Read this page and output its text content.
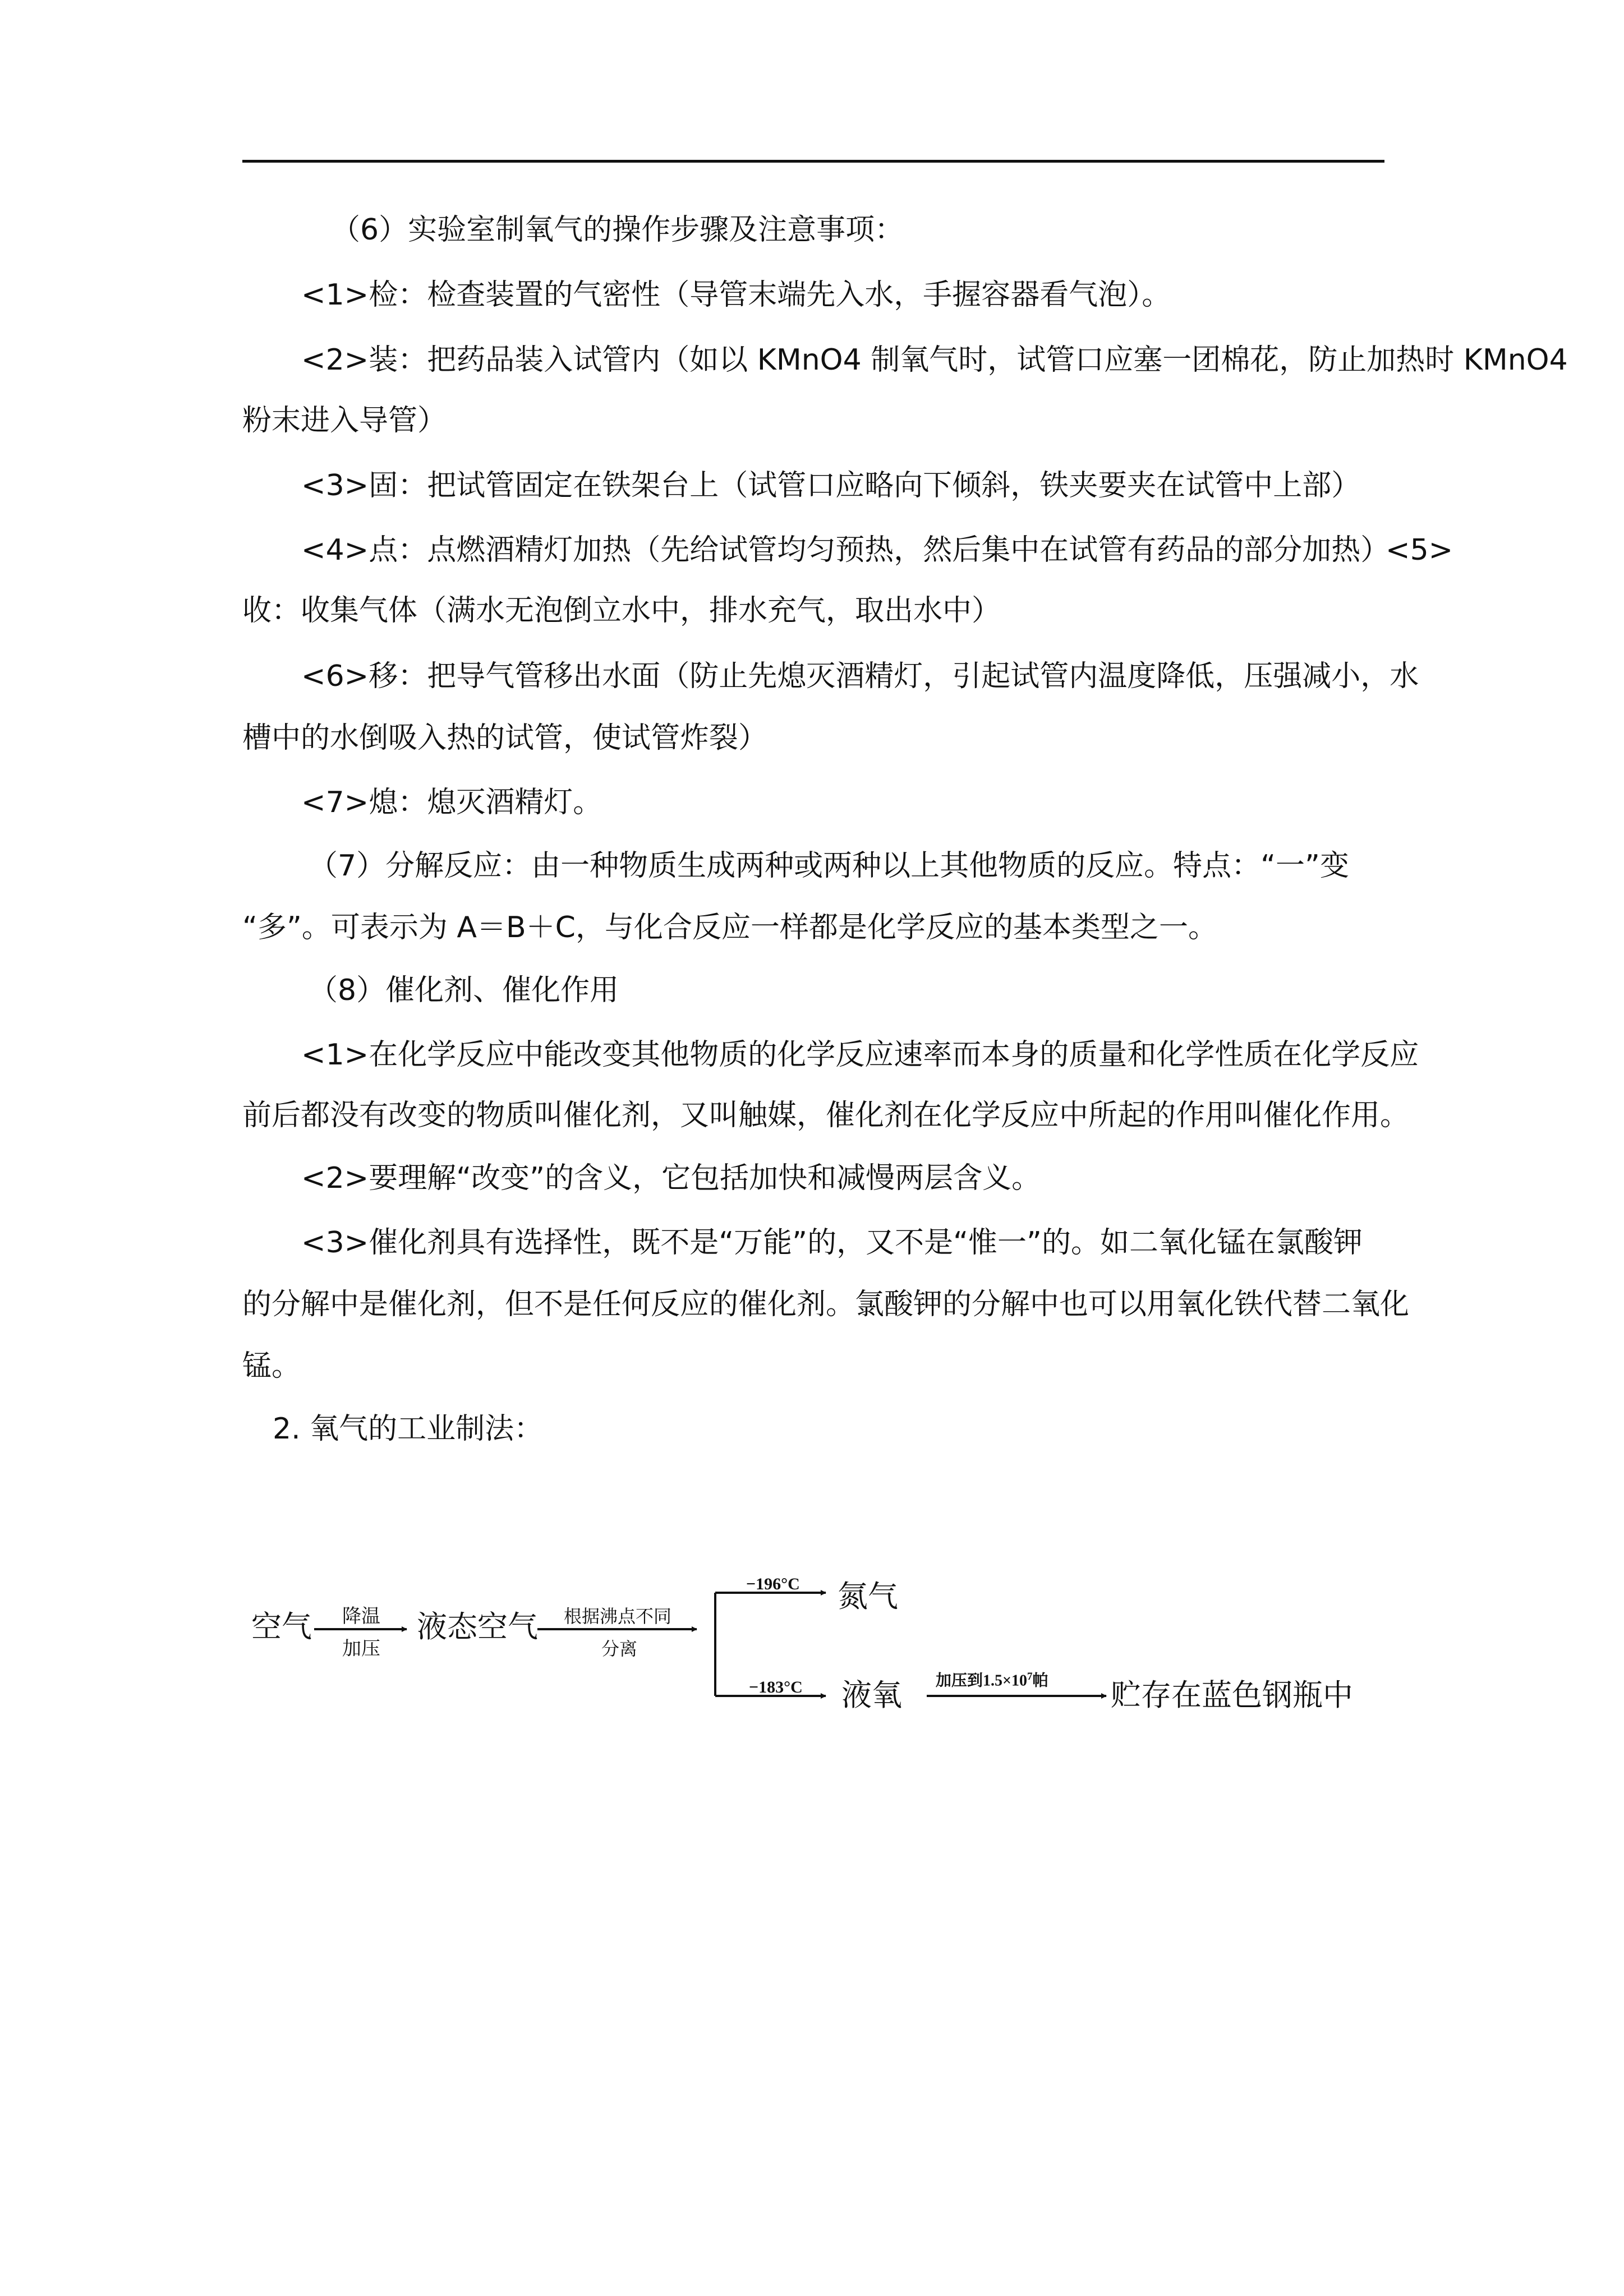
（6）实验室制氧气的操作步骤及注意事项：
<1>检：检查装置的气密性（导管末端先入水，手握容器看气泡）。
<2>装：把药品装入试管内（如以 KMnO4 制氧气时，试管口应塞一团棉花，防止加热时 KMnO4
粉末进入导管）
<3>固：把试管固定在铁架台上（试管口应略向下倾斜，铁夹要夹在试管中上部）
<4>点：点燃酒精灯加热（先给试管均匀预热，然后集中在试管有药品的部分加热）
<5>
收：收集气体（满水无泡倒立水中，排水充气，取出水中）
<6>移：把导气管移出水面（防止先熄灭酒精灯，引起试管内温度降低，压强减小，水
槽中的水倒吸入热的试管，使试管炸裂）
<7>熄：熄灭酒精灯。
（7）分解反应：由一种物质生成两种或两种以上其他物质的反应。特点：“一”变
“多”。可表示为 A＝B＋C，与化合反应一样都是化学反应的基本类型之一。
（8）催化剂、催化作用
<1>在化学反应中能改变其他物质的化学反应速率而本身的质量和化学性质在化学反应
前后都没有改变的物质叫催化剂，又叫触媒，催化剂在化学反应中所起的作用叫催化作用。
<2>要理解“改变”的含义，它包括加快和减慢两层含义。
<3>催化剂具有选择性，既不是“万能”的，又不是“惟一”的。如二氧化锰在氯酸钾
的分解中是催化剂，但不是任何反应的催化剂。氯酸钾的分解中也可以用氧化铁代替二氧化
锰。
2. 氧气的工业制法：
空气 降温
加压
液态空气 根据沸点不同
分离
−196°C 氮气
−183°C 液氧 加压到$1.5\times 10^7$帕 贮存在蓝色钢瓶中
